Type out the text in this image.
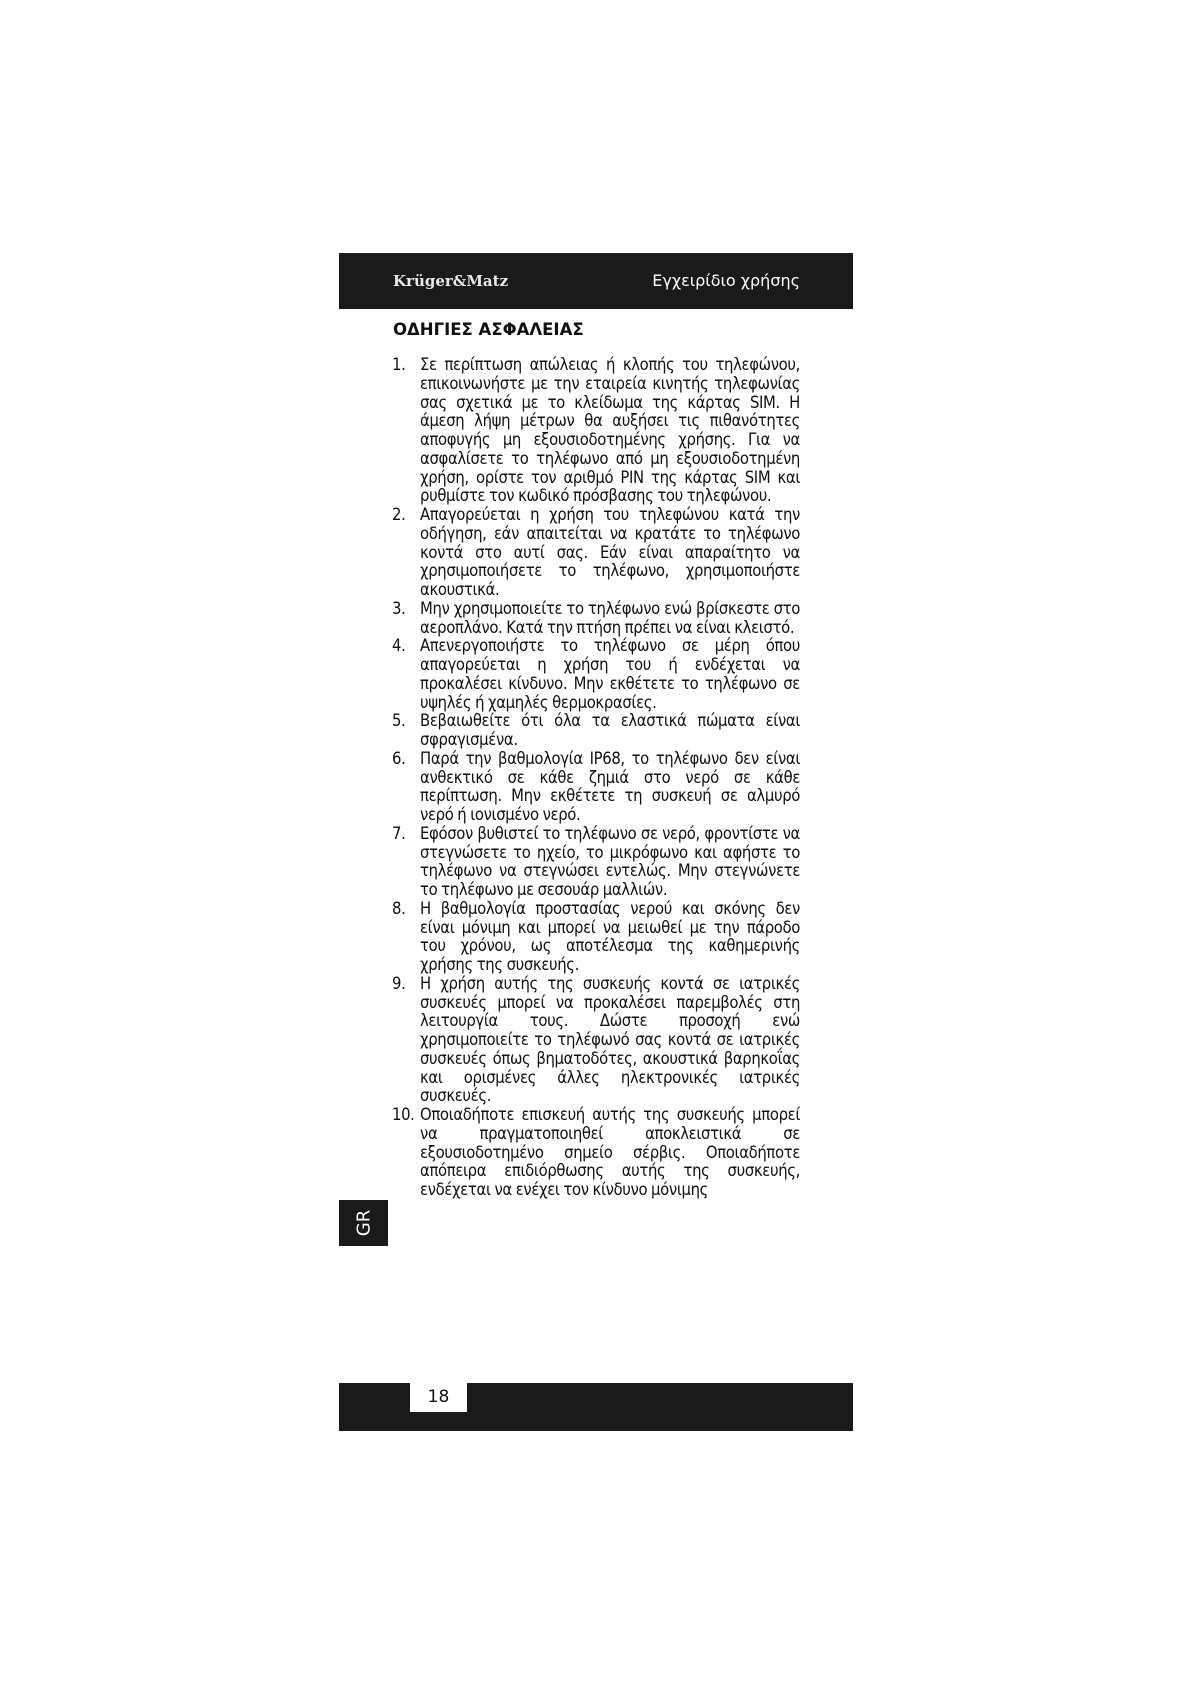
Krüger&Matz	Εγχειρίδιο χρήσης
ΟΔΗΓΙΕΣ ΑΣΦΑΛΕΙΑΣ
1. Σε περίπτωση απώλειας ή κλοπής του τηλεφώνου, επικοινωνήστε με την εταιρεία κινητής τηλεφωνίας σας σχετικά με το κλείδωμα της κάρτας SIM. Η άμεση λήψη μέτρων θα αυξήσει τις πιθανότητες αποφυγής μη εξουσιοδοτημένης χρήσης. Για να ασφαλίσετε το τηλέφωνο από μη εξουσιοδοτημένη χρήση, ορίστε τον αριθμό PIN της κάρτας SIM και ρυθμίστε τον κωδικό πρόσβασης του τηλεφώνου.
2. Απαγορεύεται η χρήση του τηλεφώνου κατά την οδήγηση, εάν απαιτείται να κρατάτε το τηλέφωνο κοντά στο αυτί σας. Εάν είναι απαραίτητο να χρησιμοποιήσετε το τηλέφωνο, χρησιμοποιήστε ακουστικά.
3. Μην χρησιμοποιείτε το τηλέφωνο ενώ βρίσκεστε στο αεροπλάνο. Κατά την πτήση πρέπει να είναι κλειστό.
4. Απενεργοποιήστε το τηλέφωνο σε μέρη όπου απαγορεύεται η χρήση του ή ενδέχεται να προκαλέσει κίνδυνο. Μην εκθέτετε το τηλέφωνο σε υψηλές ή χαμηλές θερμοκρασίες.
5. Βεβαιωθείτε ότι όλα τα ελαστικά πώματα είναι σφραγισμένα.
6. Παρά την βαθμολογία IP68, το τηλέφωνο δεν είναι ανθεκτικό σε κάθε ζημιά στο νερό σε κάθε περίπτωση. Μην εκθέτετε τη συσκευή σε αλμυρό νερό ή ιονισμένο νερό.
7. Εφόσον βυθιστεί το τηλέφωνο σε νερό, φροντίστε να στεγνώσετε το ηχείο, το μικρόφωνο και αφήστε το τηλέφωνο να στεγνώσει εντελώς. Μην στεγνώνετε το τηλέφωνο με σεσουάρ μαλλιών.
8. Η βαθμολογία προστασίας νερού και σκόνης δεν είναι μόνιμη και μπορεί να μειωθεί με την πάροδο του χρόνου, ως αποτέλεσμα της καθημερινής χρήσης της συσκευής.
9. Η χρήση αυτής της συσκευής κοντά σε ιατρικές συσκευές μπορεί να προκαλέσει παρεμβολές στη λειτουργία τους. Δώστε προσοχή ενώ χρησιμοποιείτε το τηλέφωνό σας κοντά σε ιατρικές συσκευές όπως βηματοδότες, ακουστικά βαρηκοΐας και ορισμένες άλλες ηλεκτρονικές ιατρικές συσκευές.
10. Οποιαδήποτε επισκευή αυτής της συσκευής μπορεί να πραγματοποιηθεί αποκλειστικά σε εξουσιοδοτημένο σημείο σέρβις. Οποιαδήποτε απόπειρα επιδιόρθωσης αυτής της συσκευής, ενδέχεται να ενέχει τον κίνδυνο μόνιμης
GR
18
